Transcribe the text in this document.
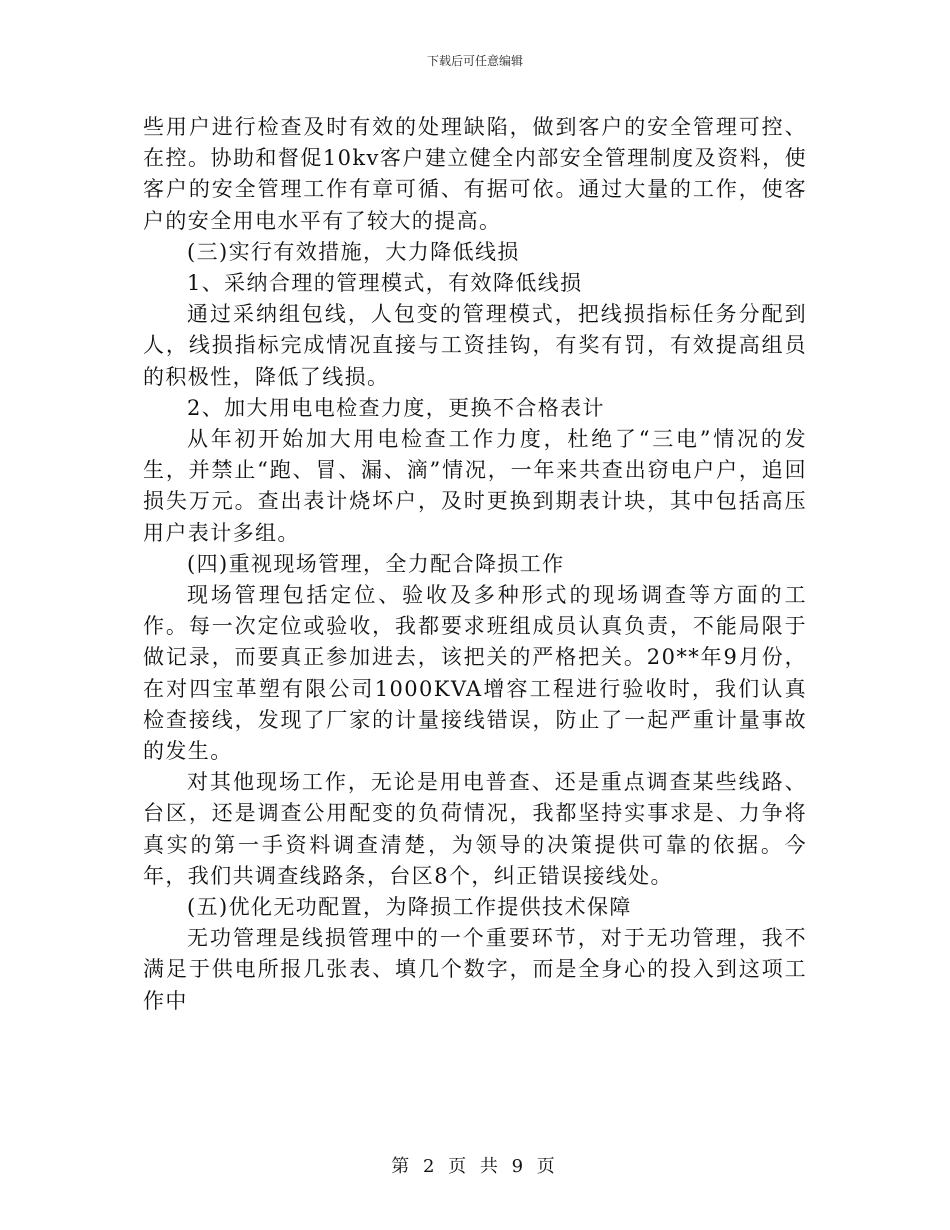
下载后可任意编辑

些用户进行检查及时有效的处理缺陷，做到客户的安全管理可控、在控。协助和督促10kv客户建立健全内部安全管理制度及资料，使客户的安全管理工作有章可循、有据可依。通过大量的工作，使客户的安全用电水平有了较大的提高。

(三)实行有效措施，大力降低线损

1、采纳合理的管理模式，有效降低线损

通过采纳组包线，人包变的管理模式，把线损指标任务分配到人，线损指标完成情况直接与工资挂钩，有奖有罚，有效提高组员的积极性，降低了线损。

2、加大用电电检查力度，更换不合格表计

从年初开始加大用电检查工作力度，杜绝了“三电”情况的发生，并禁止“跑、冒、漏、滴”情况，一年来共查出窃电户户，追回损失万元。查出表计烧坏户，及时更换到期表计块，其中包括高压用户表计多组。

(四)重视现场管理，全力配合降损工作

现场管理包括定位、验收及多种形式的现场调查等方面的工作。每一次定位或验收，我都要求班组成员认真负责，不能局限于做记录，而要真正参加进去，该把关的严格把关。20**年9月份，在对四宝革塑有限公司1000KVA增容工程进行验收时，我们认真检查接线，发现了厂家的计量接线错误，防止了一起严重计量事故的发生。

对其他现场工作，无论是用电普查、还是重点调查某些线路、台区，还是调查公用配变的负荷情况，我都坚持实事求是、力争将真实的第一手资料调查清楚，为领导的决策提供可靠的依据。今年，我们共调查线路条，台区8个，纠正错误接线处。

(五)优化无功配置，为降损工作提供技术保障

无功管理是线损管理中的一个重要环节，对于无功管理，我不满足于供电所报几张表、填几个数字，而是全身心的投入到这项工作中

第 2 页 共 9 页
